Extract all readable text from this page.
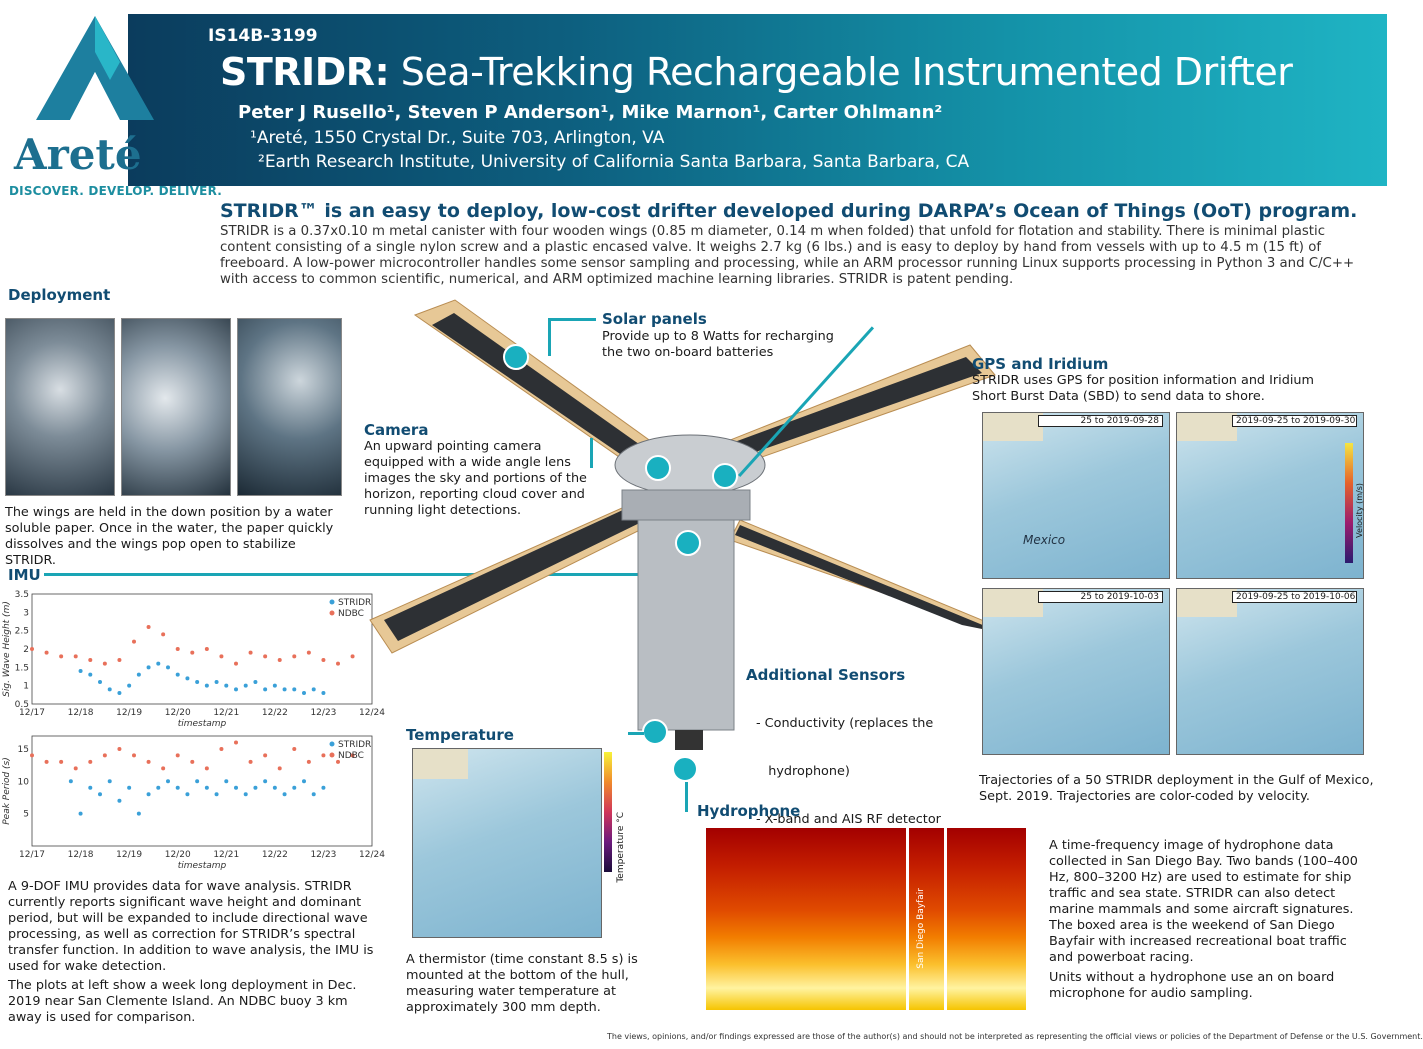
Areté
DISCOVER. DEVELOP. DELIVER.
IS14B-3199
STRIDR: Sea-Trekking Rechargeable Instrumented Drifter
Peter J Rusello¹, Steven P Anderson¹, Mike Marnon¹, Carter Ohlmann²
¹Areté, 1550 Crystal Dr., Suite 703, Arlington, VA
²Earth Research Institute, University of California Santa Barbara, Santa Barbara, CA
STRIDR™ is an easy to deploy, low-cost drifter developed during DARPA’s Ocean of Things (OoT) program.
STRIDR is a 0.37x0.10 m metal canister with four wooden wings (0.85 m diameter, 0.14 m when folded) that unfold for flotation and stability. There is minimal plastic content consisting of a single nylon screw and a plastic encased valve. It weighs 2.7 kg (6 lbs.) and is easy to deploy by hand from vessels with up to 4.5 m (15 ft) of freeboard. A low-power microcontroller handles some sensor sampling and processing, while an ARM processor running Linux supports processing in Python 3 and C/C++ with access to common scientific, numerical, and ARM optimized machine learning libraries. STRIDR is patent pending.
Deployment
The wings are held in the down position by a water soluble paper. Once in the water, the paper quickly dissolves and the wings pop open to stabilize STRIDR.
IMU
12/17	12/18	12/19	12/20	12/21	12/22	12/23	12/24
0.5
1
1.5
2
2.5
3
3.5
timestamp
Sig. Wave Height (m)	STRIDR
NDBC
12/17	12/18	12/19	12/20	12/21	12/22	12/23	12/24
5
10
15
timestamp
Peak Period (s)
STRIDR
NDBC
A 9-DOF IMU provides data for wave analysis. STRIDR currently reports significant wave height and dominant period, but will be expanded to include directional wave processing, as well as correction for STRIDR’s spectral transfer function. In addition to wave analysis, the IMU is used for wake detection.
The plots at left show a week long deployment in Dec. 2019 near San Clemente Island. An NDBC buoy 3 km away is used for comparison.
Solar panels
Provide up to 8 Watts for recharging the two on-board batteries
Camera
An upward pointing camera equipped with a wide angle lens images the sky and portions of the horizon, reporting cloud cover and running light detections.
GPS and Iridium
STRIDR uses GPS for position information and Iridium Short Burst Data (SBD) to send data to shore.
25 to 2019-09-28
Mexico
2019-09-25 to 2019-09-30
Velocity (m/s)
25 to 2019-10-03	2019-09-25 to 2019-10-06
Trajectories of a 50 STRIDR deployment in the Gulf of Mexico, Sept. 2019. Trajectories are color-coded by velocity.
Additional Sensors

- Conductivity (replaces the

hydrophone)

- X-band and AIS RF detector

Temperature
Temperature °C
A thermistor (time constant 8.5 s) is mounted at the bottom of the hull, measuring water temperature at approximately 300 mm depth.
Hydrophone
San Diego Bayfair
A time-frequency image of hydrophone data collected in San Diego Bay. Two bands (100–400 Hz, 800–3200 Hz) are used to estimate for ship traffic and sea state. STRIDR can also detect marine mammals and some aircraft signatures. The boxed area is the weekend of San Diego Bayfair with increased recreational boat traffic and powerboat racing.
Units without a hydrophone use an on board microphone for audio sampling.
The views, opinions, and/or findings expressed are those of the author(s) and should not be interpreted as representing the official views or policies of the Department of Defense or the U.S. Government.
